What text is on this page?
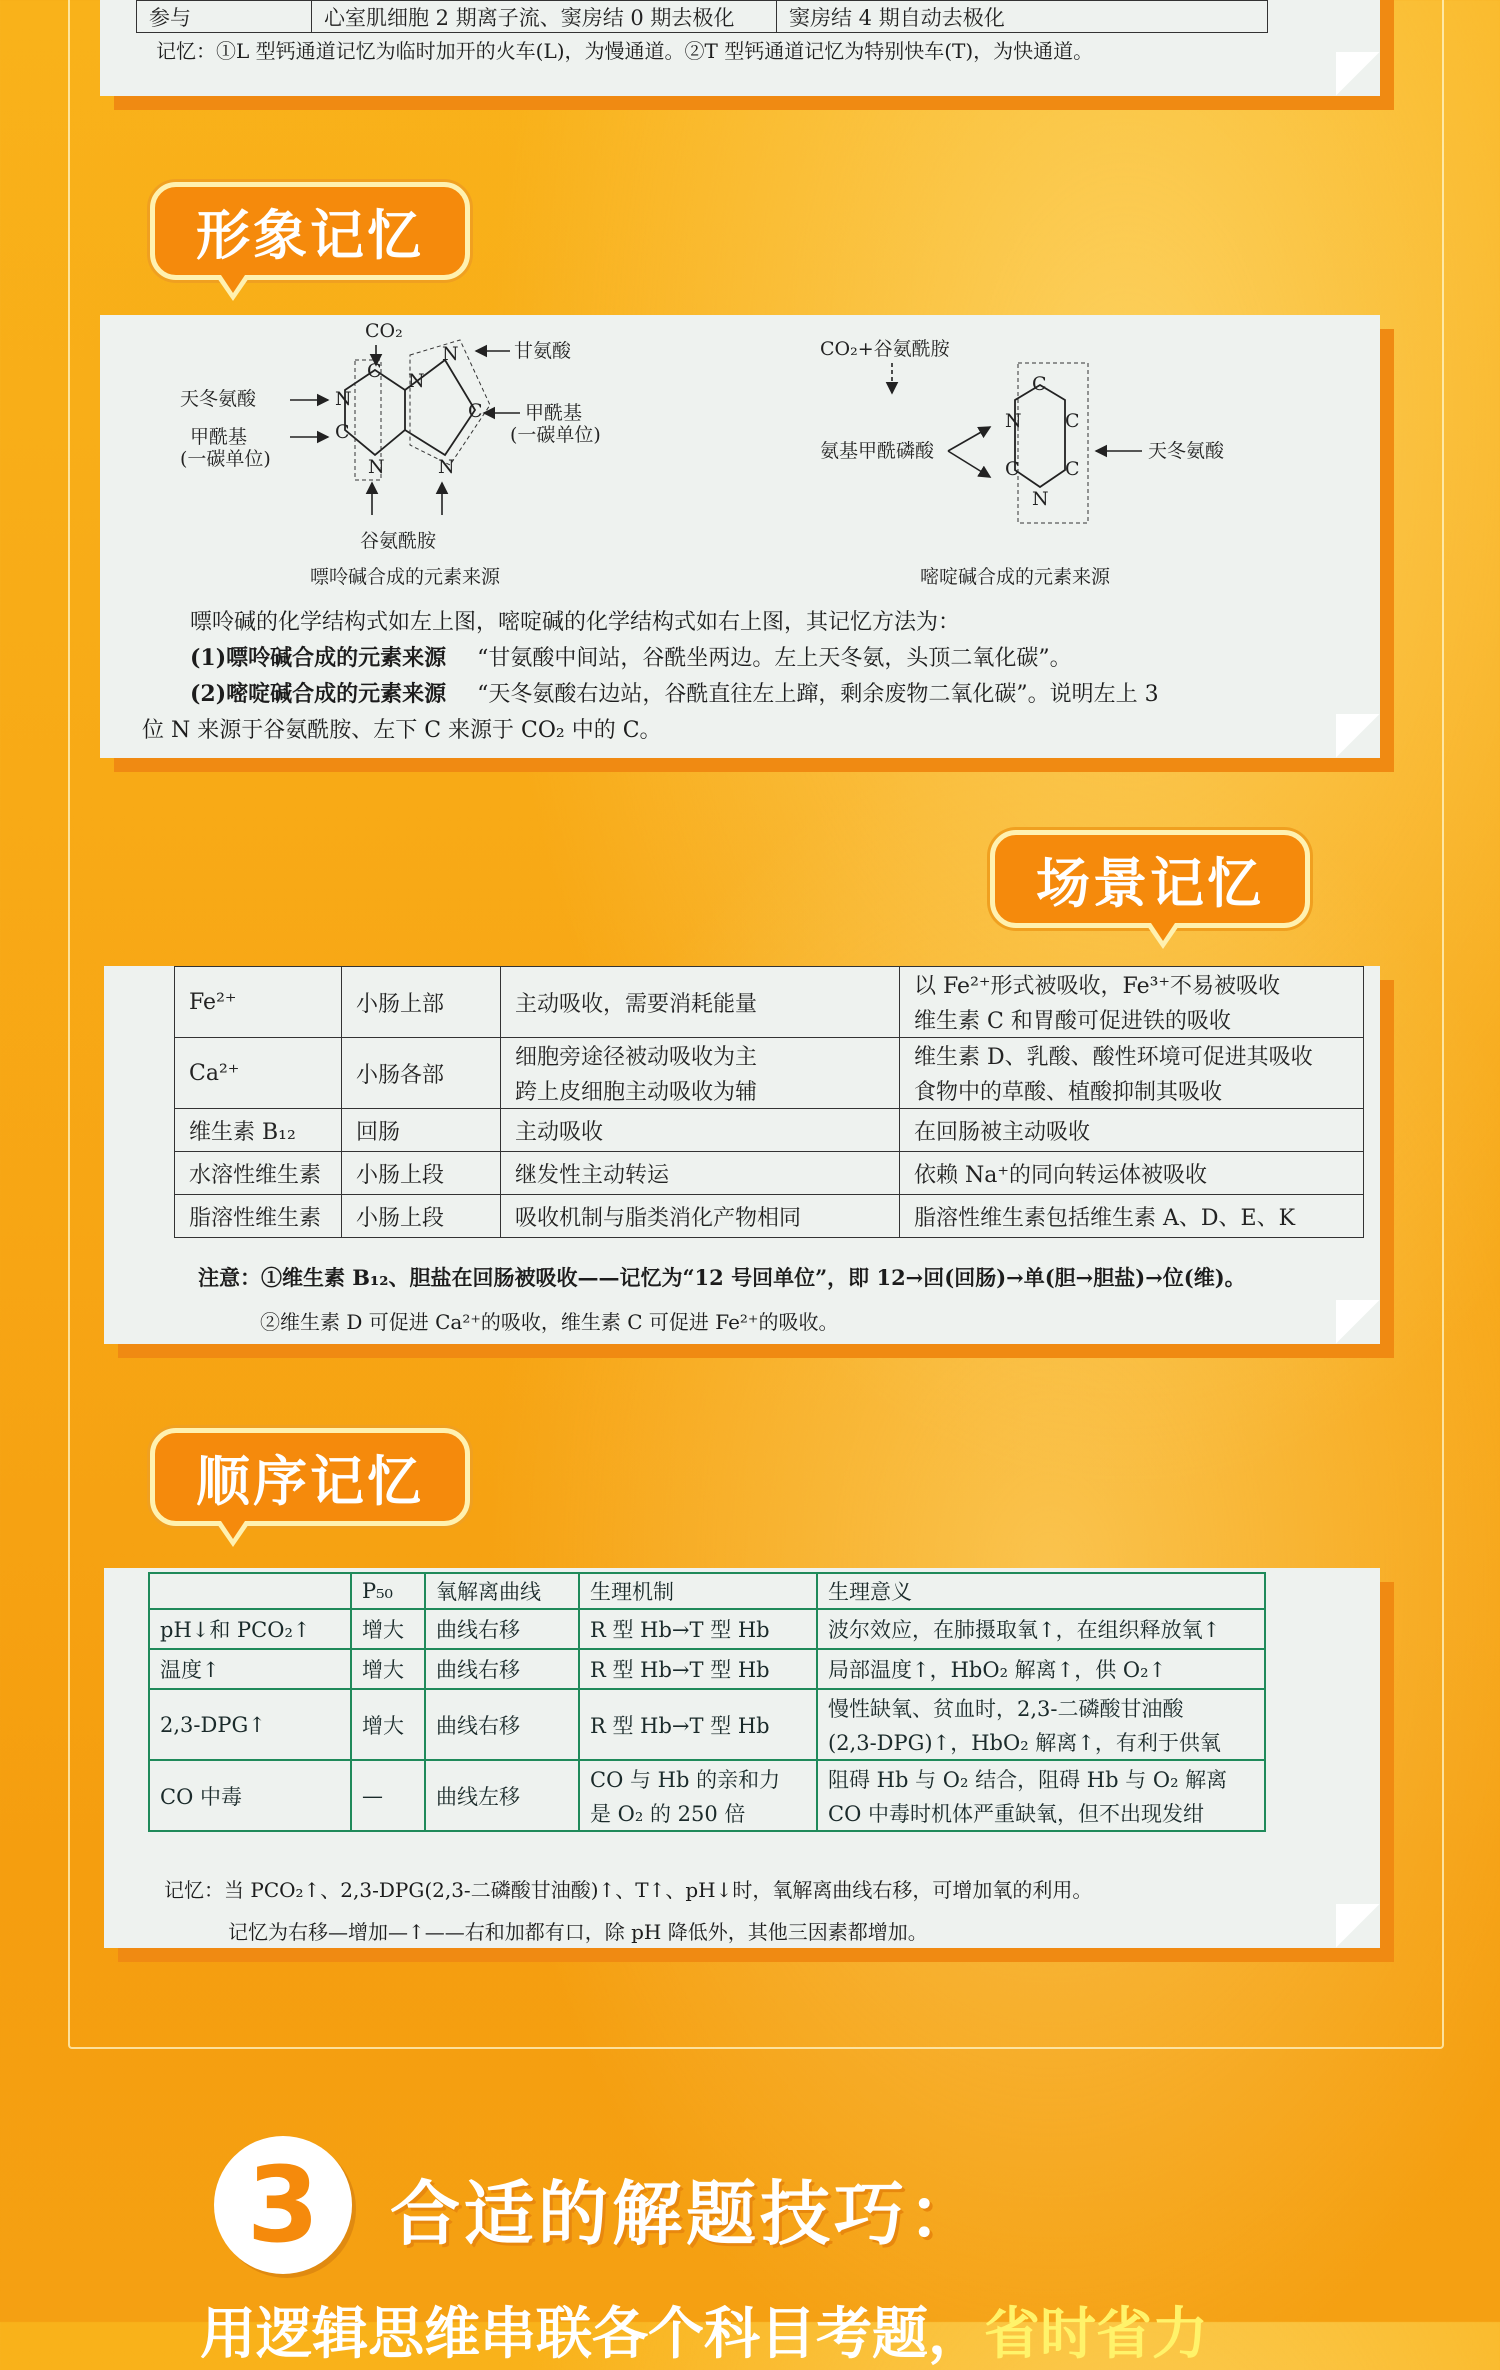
参与	心室肌细胞 2 期离子流、窦房结 0 期去极化	窦房结 4 期自动去极化
记忆：①L 型钙通道记忆为临时加开的火车(L)，为慢通道。②T 型钙通道记忆为特别快车(T)，为快通道。
形象记忆
CO₂
C
N
C
N
N
N
C
N
甘氨酸
天冬氨酸
甲酰基
(一碳单位)
甲酰基
(一碳单位)
谷氨酰胺
嘌呤碱合成的元素来源
CO₂+谷氨酰胺
氨基甲酰磷酸
C
N C
C C
N
天冬氨酸
嘧啶碱合成的元素来源
嘌呤碱的化学结构式如左上图，嘧啶碱的化学结构式如右上图，其记忆方法为：
(1)嘌呤碱合成的元素来源 “甘氨酸中间站，谷酰坐两边。左上天冬氨，头顶二氧化碳”。
(2)嘧啶碱合成的元素来源 “天冬氨酸右边站，谷酰直往左上蹿，剩余废物二氧化碳”。说明左上 3
位 N 来源于谷氨酰胺、左下 C 来源于 CO₂ 中的 C。
场景记忆
Fe²⁺	小肠上部	主动吸收，需要消耗能量	以 Fe²⁺形式被吸收，Fe³⁺不易被吸收
			维生素 C 和胃酸可促进铁的吸收
Ca²⁺	小肠各部	细胞旁途径被动吸收为主	维生素 D、乳酸、酸性环境可促进其吸收
		跨上皮细胞主动吸收为辅	食物中的草酸、植酸抑制其吸收
维生素 B₁₂	回肠	主动吸收	在回肠被主动吸收
水溶性维生素	小肠上段	继发性主动转运	依赖 Na⁺的同向转运体被吸收
脂溶性维生素	小肠上段	吸收机制与脂类消化产物相同	脂溶性维生素包括维生素 A、D、E、K
注意：①维生素 B₁₂、胆盐在回肠被吸收——记忆为“12 号回单位”，即 12→回(回肠)→单(胆→胆盐)→位(维)。
②维生素 D 可促进 Ca²⁺的吸收，维生素 C 可促进 Fe²⁺的吸收。
顺序记忆
	P₅₀	氧解离曲线	生理机制	生理意义
pH↓和 PCO₂↑	增大	曲线右移	R 型 Hb→T 型 Hb	波尔效应，在肺摄取氧↑，在组织释放氧↑
温度↑	增大	曲线右移	R 型 Hb→T 型 Hb	局部温度↑，HbO₂ 解离↑，供 O₂↑
2,3-DPG↑	增大	曲线右移	R 型 Hb→T 型 Hb	慢性缺氧、贫血时，2,3-二磷酸甘油酸
				(2,3-DPG)↑，HbO₂ 解离↑，有利于供氧
CO 中毒	—	曲线左移	CO 与 Hb 的亲和力	阻碍 Hb 与 O₂ 结合，阻碍 Hb 与 O₂ 解离
			是 O₂ 的 250 倍	CO 中毒时机体严重缺氧，但不出现发绀
记忆：当 PCO₂↑、2,3-DPG(2,3-二磷酸甘油酸)↑、T↑、pH↓时，氧解离曲线右移，可增加氧的利用。
记忆为右移—增加—↑——右和加都有口，除 pH 降低外，其他三因素都增加。
3 合适的解题技巧：
用逻辑思维串联各个科目考题，省时省力
